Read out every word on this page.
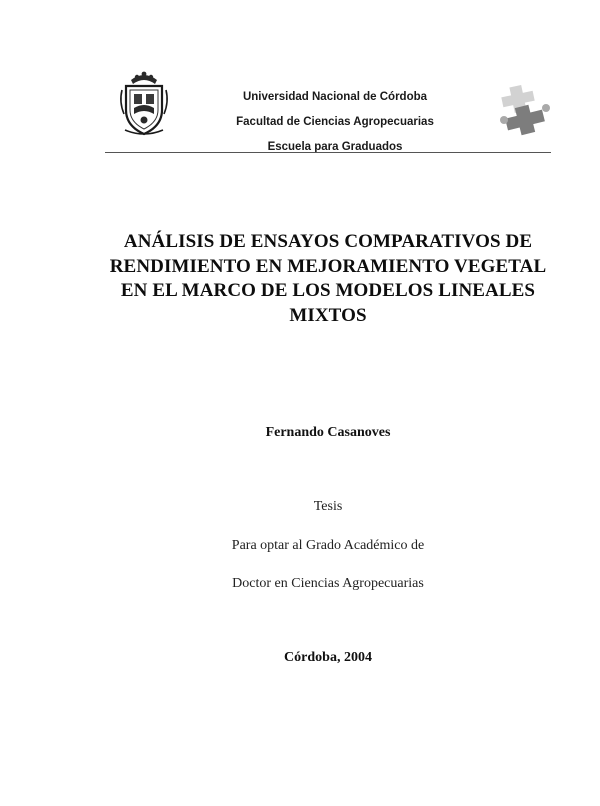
Universidad Nacional de Córdoba
Facultad de Ciencias Agropecuarias
Escuela para Graduados
ANÁLISIS DE ENSAYOS COMPARATIVOS DE
RENDIMIENTO EN MEJORAMIENTO VEGETAL
EN EL MARCO DE LOS MODELOS LINEALES
MIXTOS
Fernando Casanoves
Tesis
Para optar al Grado Académico de
Doctor en Ciencias Agropecuarias
Córdoba, 2004
